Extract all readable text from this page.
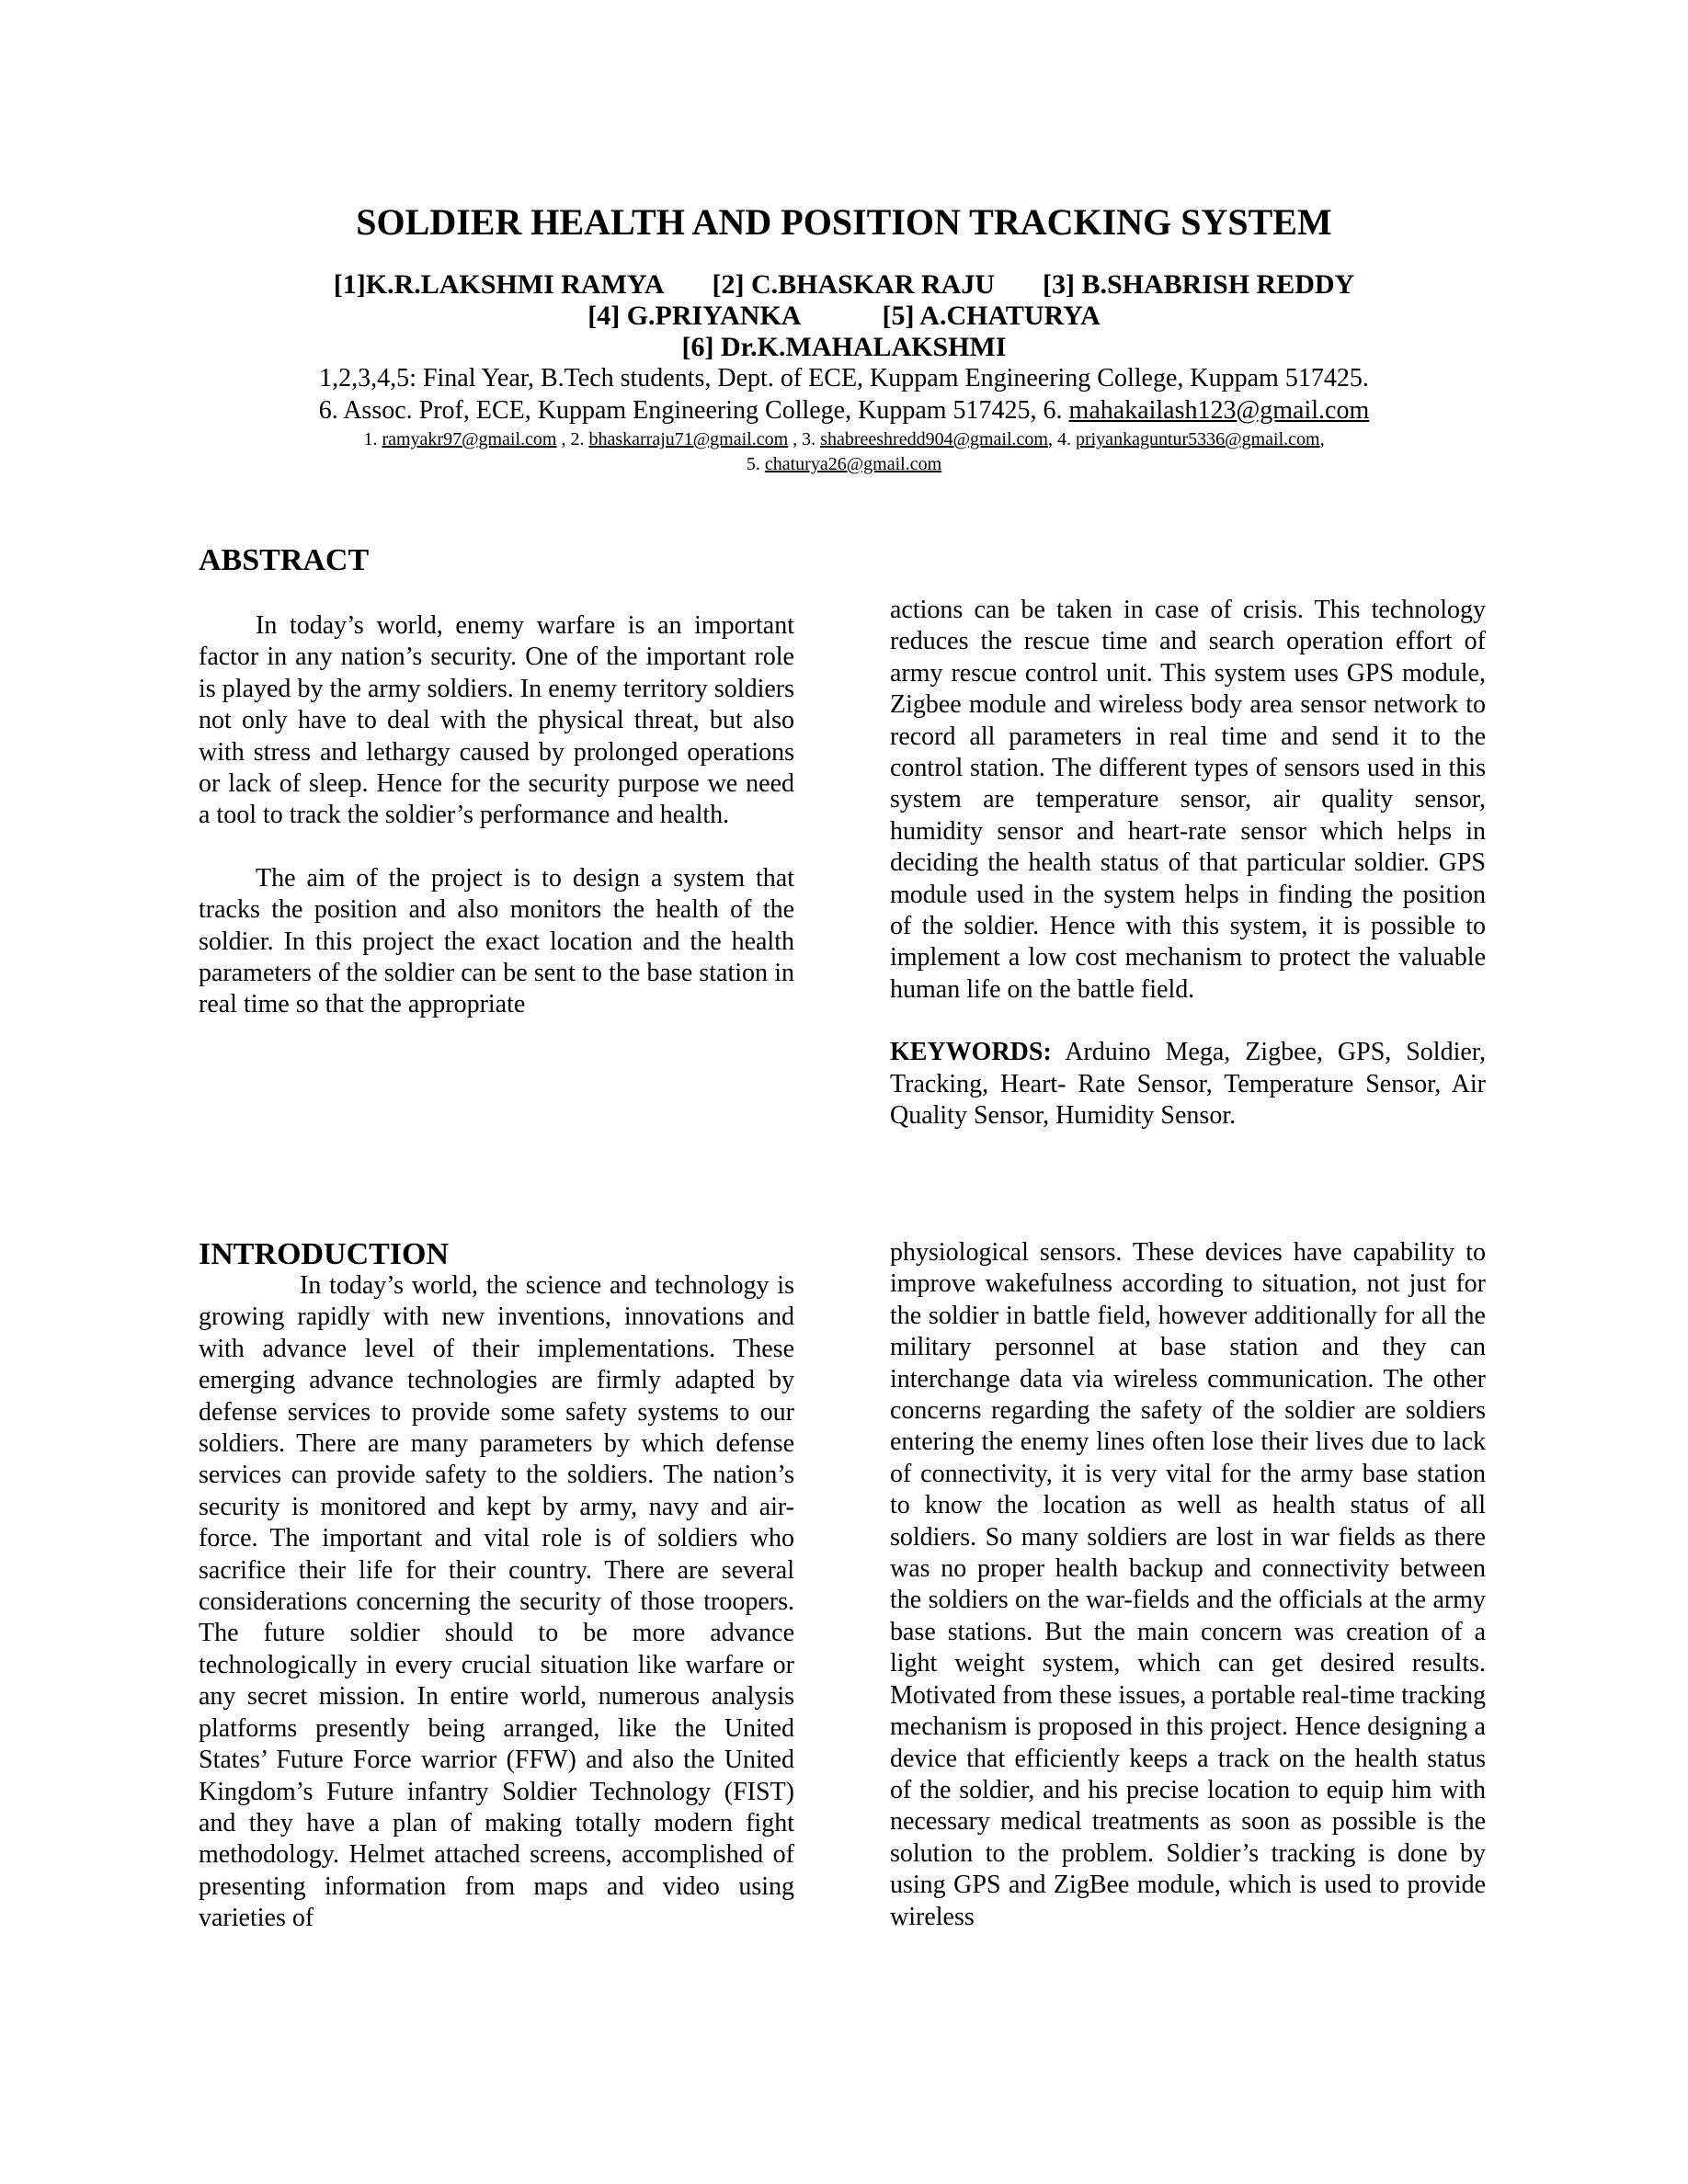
SOLDIER HEALTH AND POSITION TRACKING SYSTEM
[1]K.R.LAKSHMI RAMYA [2] C.BHASKAR RAJU [3] B.SHABRISH REDDY
[4] G.PRIYANKA	[5] A.CHATURYA
[6] Dr.K.MAHALAKSHMI
1,2,3,4,5: Final Year, B.Tech students, Dept. of ECE, Kuppam Engineering College, Kuppam 517425.
6. Assoc. Prof, ECE, Kuppam Engineering College, Kuppam 517425, 6. mahakailash123@gmail.com
1. ramyakr97@gmail.com , 2. bhaskarraju71@gmail.com , 3. shabreeshredd904@gmail.com, 4. priyankaguntur5336@gmail.com,
5. chaturya26@gmail.com
ABSTRACT

In today’s world, enemy warfare is an important factor in any nation’s security. One of the important role is played by the army soldiers. In enemy territory soldiers not only have to deal with the physical threat, but also with stress and lethargy caused by prolonged operations or lack of sleep. Hence for the security purpose we need a tool to track the soldier’s performance and health.

The aim of the project is to design a system that tracks the position and also monitors the health of the soldier. In this project the exact location and the health parameters of the soldier can be sent to the base station in real time so that the appropriate

actions can be taken in case of crisis. This technology reduces the rescue time and search operation effort of army rescue control unit. This system uses GPS module, Zigbee module and wireless body area sensor network to record all parameters in real time and send it to the control station. The different types of sensors used in this system are temperature sensor, air quality sensor, humidity sensor and heart-rate sensor which helps in deciding the health status of that particular soldier. GPS module used in the system helps in finding the position of the soldier. Hence with this system, it is possible to implement a low cost mechanism to protect the valuable human life on the battle field.

KEYWORDS: Arduino Mega, Zigbee, GPS, Soldier, Tracking, Heart- Rate Sensor, Temperature Sensor, Air Quality Sensor, Humidity Sensor.

INTRODUCTION

In today’s world, the science and technology is growing rapidly with new inventions, innovations and with advance level of their implementations. These emerging advance technologies are firmly adapted by defense services to provide some safety systems to our soldiers. There are many parameters by which defense services can provide safety to the soldiers. The nation’s security is monitored and kept by army, navy and air-force. The important and vital role is of soldiers who sacrifice their life for their country. There are several considerations concerning the security of those troopers. The future soldier should to be more advance technologically in every crucial situation like warfare or any secret mission. In entire world, numerous analysis platforms presently being arranged, like the United States’ Future Force warrior (FFW) and also the United Kingdom’s Future infantry Soldier Technology (FIST) and they have a plan of making totally modern fight methodology. Helmet attached screens, accomplished of presenting information from maps and video using varieties of

physiological sensors. These devices have capability to improve wakefulness according to situation, not just for the soldier in battle field, however additionally for all the military personnel at base station and they can interchange data via wireless communication. The other concerns regarding the safety of the soldier are soldiers entering the enemy lines often lose their lives due to lack of connectivity, it is very vital for the army base station to know the location as well as health status of all soldiers. So many soldiers are lost in war fields as there was no proper health backup and connectivity between the soldiers on the war-fields and the officials at the army base stations. But the main concern was creation of a light weight system, which can get desired results. Motivated from these issues, a portable real-time tracking mechanism is proposed in this project. Hence designing a device that efficiently keeps a track on the health status of the soldier, and his precise location to equip him with necessary medical treatments as soon as possible is the solution to the problem. Soldier’s tracking is done by using GPS and ZigBee module, which is used to provide wireless
